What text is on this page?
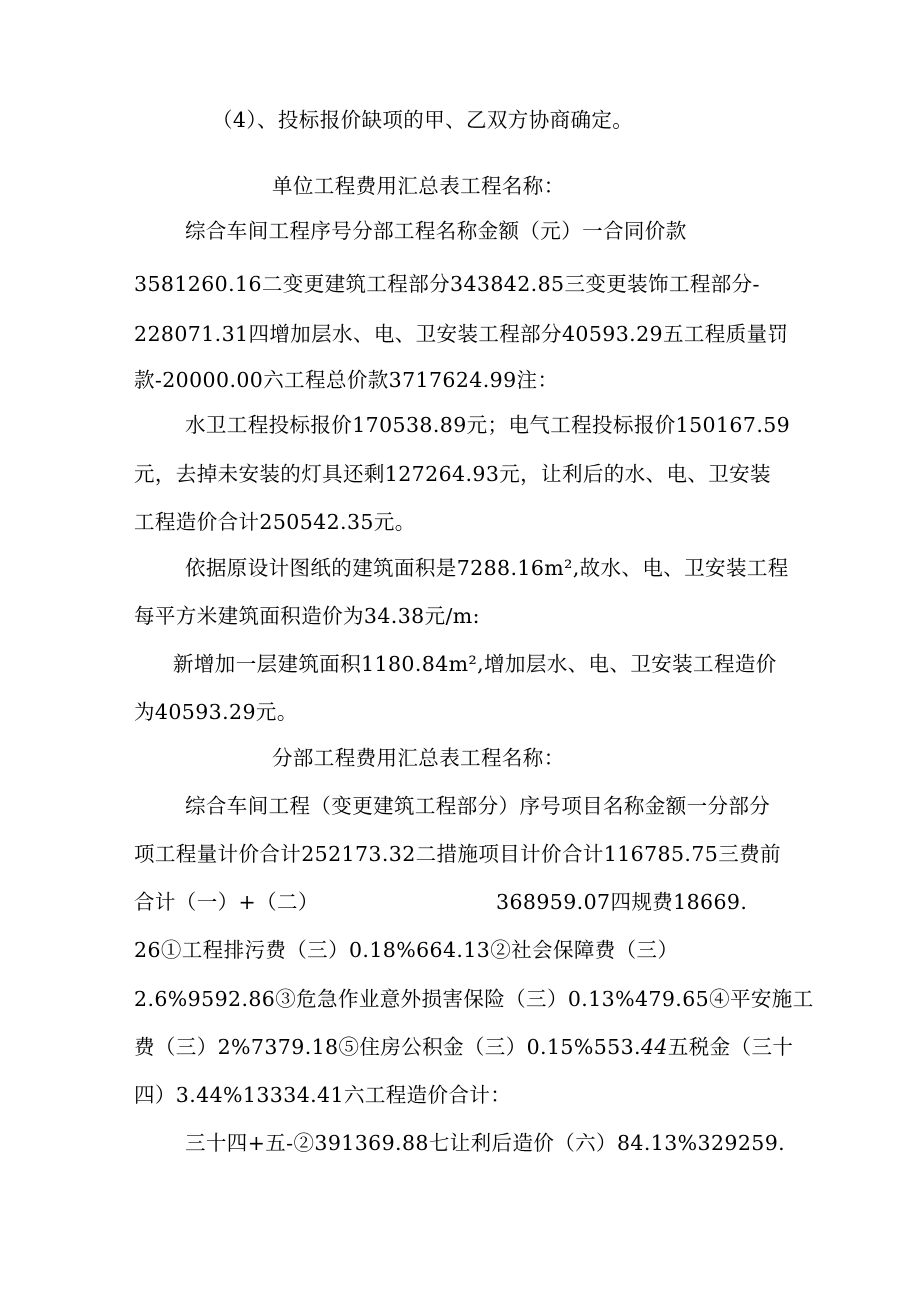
（4）、投标报价缺项的甲、乙双方协商确定。

单位工程费用汇总表工程名称：

综合车间工程序号分部工程名称金额（元）一合同价款

3581260.16二变更建筑工程部分343842.85三变更装饰工程部分-

228071.31四增加层水、电、卫安装工程部分40593.29五工程质量罚

款-20000.00六工程总价款3717624.99注：

水卫工程投标报价170538.89元；电气工程投标报价150167.59

元，去掉未安装的灯具还剩127264.93元，让利后的水、电、卫安装

工程造价合计250542.35元。

依据原设计图纸的建筑面积是7288.16m²,故水、电、卫安装工程

每平方米建筑面积造价为34.38元/m:

新增加一层建筑面积1180.84m²,增加层水、电、卫安装工程造价

为40593.29元。

分部工程费用汇总表工程名称：

综合车间工程（变更建筑工程部分）序号项目名称金额一分部分

项工程量计价合计252173.32二措施项目计价合计116785.75三费前

合计（一）+（二）	368959.07四规费18669.

26①工程排污费（三）0.18%664.13②社会保障费（三）

2.6%9592.86③危急作业意外损害保险（三）0.13%479.65④平安施工

费（三）2%7379.18⑤住房公积金（三）0.15%553.44五税金（三十

四）3.44%13334.41六工程造价合计：

三十四+五-②391369.88七让利后造价（六）84.13%329259.
